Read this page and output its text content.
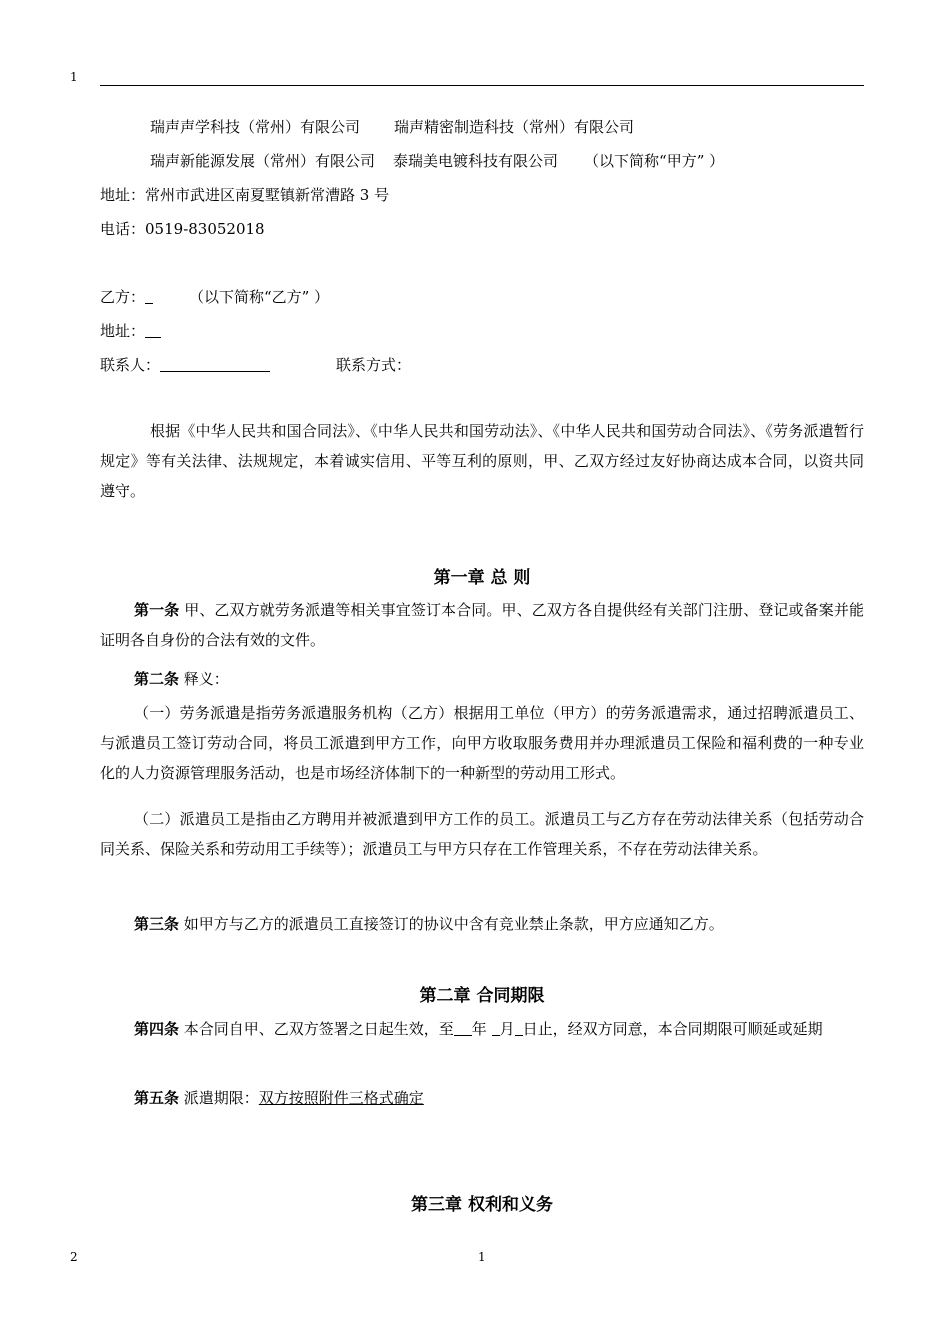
1
瑞声声学科技（常州）有限公司 瑞声精密制造科技（常州）有限公司
瑞声新能源发展（常州）有限公司 泰瑞美电镀科技有限公司 （以下简称“甲方” ）
地址：常州市武进区南夏墅镇新常漕路 3 号
电话：0519-83052018
乙方：	（以下简称“乙方” ）
地址：
联系人：	联系方式：
根据《中华人民共和国合同法》、《中华人民共和国劳动法》、《中华人民共和国劳动合同法》、《劳务派遣暂行规定》等有关法律、法规规定，本着诚实信用、平等互利的原则，甲、乙双方经过友好协商达成本合同，以资共同遵守。
第一章 总 则
第一条 甲、乙双方就劳务派遣等相关事宜签订本合同。甲、乙双方各自提供经有关部门注册、登记或备案并能证明各自身份的合法有效的文件。
第二条 释义：
（一）劳务派遣是指劳务派遣服务机构（乙方）根据用工单位（甲方）的劳务派遣需求，通过招聘派遣员工、与派遣员工签订劳动合同，将员工派遣到甲方工作，向甲方收取服务费用并办理派遣员工保险和福利费的一种专业化的人力资源管理服务活动，也是市场经济体制下的一种新型的劳动用工形式。
（二）派遣员工是指由乙方聘用并被派遣到甲方工作的员工。派遣员工与乙方存在劳动法律关系（包括劳动合同关系、保险关系和劳动用工手续等）；派遣员工与甲方只存在工作管理关系，不存在劳动法律关系。
第三条 如甲方与乙方的派遣员工直接签订的协议中含有竞业禁止条款，甲方应通知乙方。
第二章 合同期限
第四条 本合同自甲、乙双方签署之日起生效，至 年 月 日止，经双方同意，本合同期限可顺延或延期
第五条 派遣期限：双方按照附件三格式确定
第三章 权利和义务
2	1
